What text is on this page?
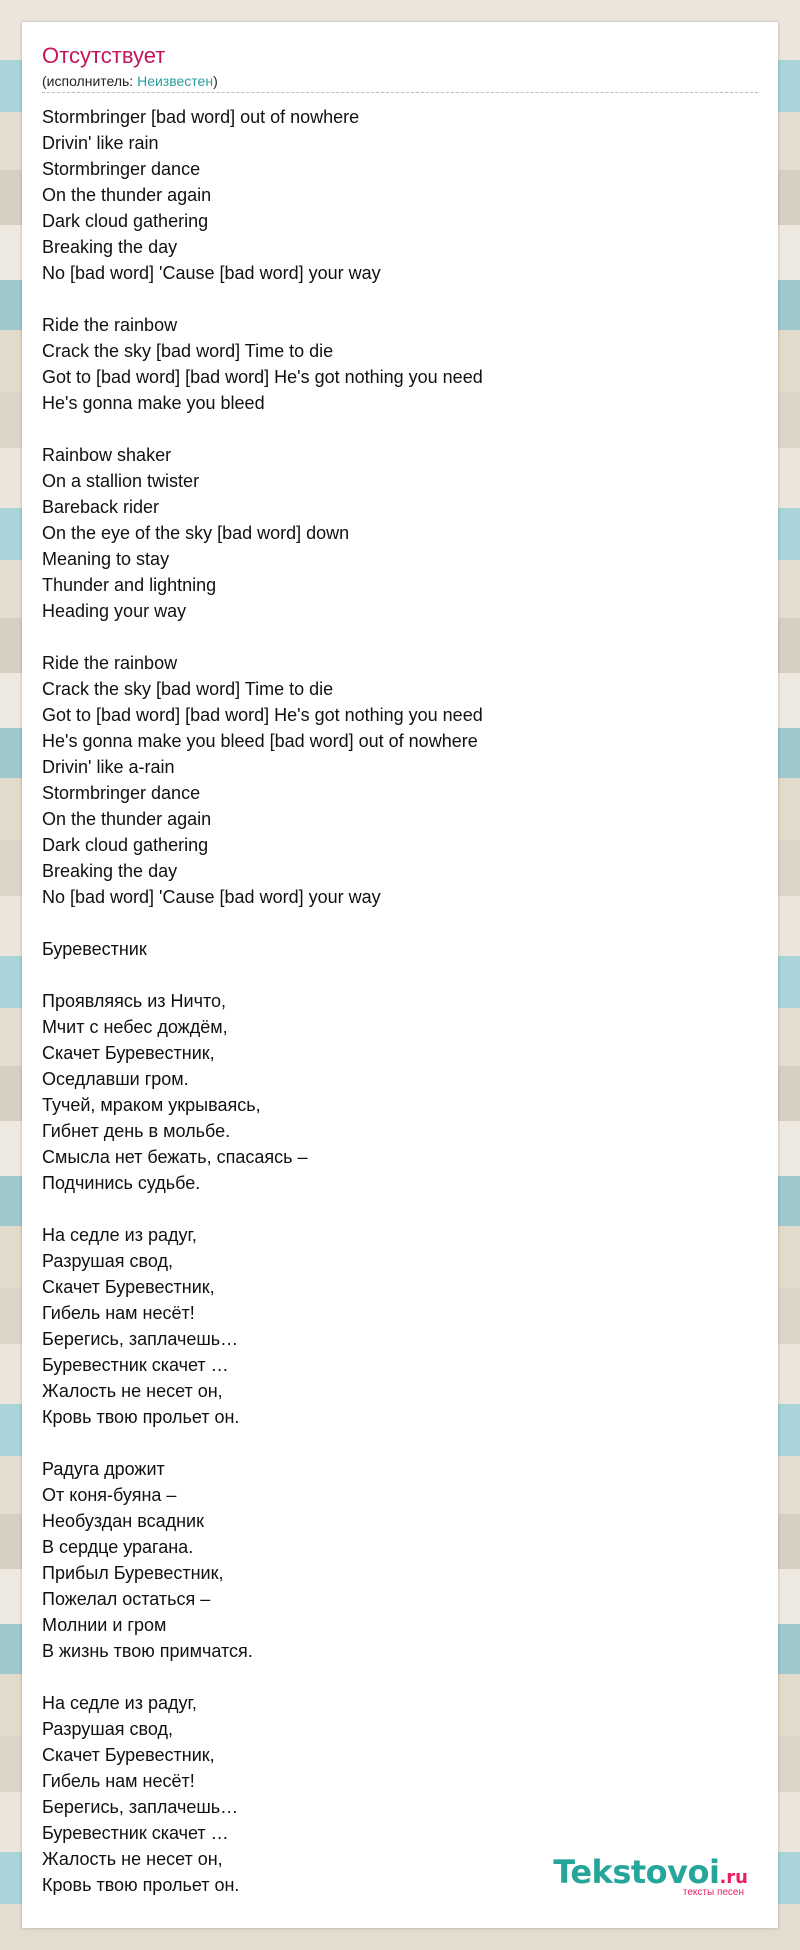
Отсутствует
(исполнитель: Неизвестен)
Stormbringer [bad word] out of nowhere
Drivin' like rain
Stormbringer dance
On the thunder again
Dark cloud gathering
Breaking the day
No [bad word] 'Cause [bad word] your way

Ride the rainbow
Crack the sky [bad word] Time to die
Got to [bad word] [bad word] He's got nothing you need
He's gonna make you bleed

Rainbow shaker
On a stallion twister
Bareback rider
On the eye of the sky [bad word] down
Meaning to stay
Thunder and lightning
Heading your way

Ride the rainbow
Crack the sky [bad word] Time to die
Got to [bad word] [bad word] He's got nothing you need
He's gonna make you bleed [bad word] out of nowhere
Drivin' like a-rain
Stormbringer dance
On the thunder again
Dark cloud gathering
Breaking the day
No [bad word] 'Cause [bad word] your way

Буревестник

Проявляясь из Ничто,
Мчит с небес дождём,
Скачет Буревестник,
Оседлавши гром.
Тучей, мраком укрываясь,
Гибнет день в мольбе.
Смысла нет бежать, спасаясь –
Подчинись судьбе.

На седле из радуг,
Разрушая свод,
Скачет Буревестник,
Гибель нам несёт!
Берегись, заплачешь…
Буревестник скачет …
Жалость не несет он,
Кровь твою прольет он.

Радуга дрожит
От коня-буяна –
Необуздан всадник
В сердце урагана.
Прибыл Буревестник,
Пожелал остаться –
Молнии и гром
В жизнь твою примчатся.

На седле из радуг,
Разрушая свод,
Скачет Буревестник,
Гибель нам несёт!
Берегись, заплачешь…
Буревестник скачет …
Жалость не несет он,
Кровь твою прольет он.	Tekstovoi.ru
тексты песен
